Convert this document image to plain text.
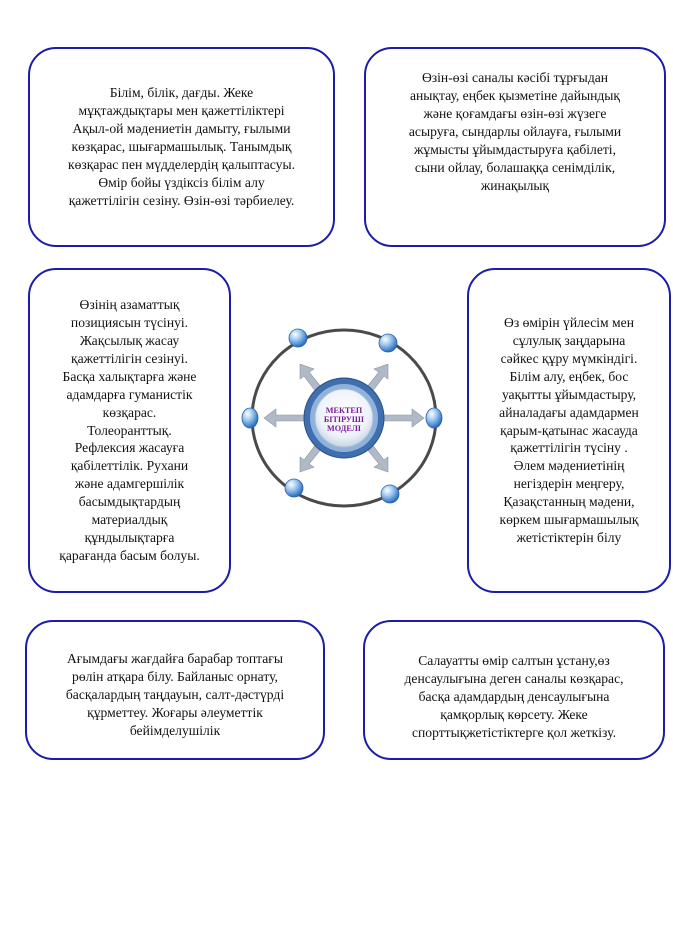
Білім, білік, дағды. Жеке
мұқтаждықтары мен қажеттіліктері
Ақыл-ой мәдениетін дамыту, ғылыми
көзқарас, шығармашылық. Танымдық
көзқарас пен мүдделердің қалыптасуы.
Өмір бойы үздіксіз білім алу
қажеттілігін сезіну. Өзін-өзі тәрбиелеу.
Өзін-өзі саналы кәсібі тұрғыдан
анықтау, еңбек қызметіне дайындық
және қоғамдағы өзін-өзі жүзеге
асыруға, сындарлы ойлауға, ғылыми
жұмысты ұйымдастыруға қабілеті,
сыни ойлау, болашаққа сенімділік,
жинақылық
Өзінің азаматтық
позициясын түсінуі.
Жақсылық жасау
қажеттілігін сезінуі.
Басқа халықтарға және
адамдарға гуманистік
көзқарас.
Толеоранттық.
Рефлексия жасауға
қабілеттілік. Рухани
және адамгершілік
басымдықтардың
материалдық
құндылықтарға
қарағанда басым болуы.
Өз өмірін үйлесім мен
сұлулық заңдарына
сәйкес құру мүмкіндігі.
Білім алу, еңбек, бос
уақытты ұйымдастыру,
айналадағы адамдармен
қарым-қатынас жасауда
қажеттілігін түсіну .
Әлем мәдениетінің
негіздерін меңгеру,
Қазақстанның мәдени,
көркем шығармашылық
жетістіктерін білу
Ағымдағы жағдайға барабар топтағы
рөлін атқара білу. Байланыс орнату,
басқалардың таңдауын, салт-дәстүрді
құрметтеу. Жоғары әлеуметтік
бейімделушілік
Салауатты өмір салтын ұстану,өз
денсаулығына деген саналы көзқарас,
басқа адамдардың денсаулығына
қамқорлық көрсету. Жеке
спорттықжетістіктерге қол жеткізу.
МЕКТЕП
БІТІРУШІ
МОДЕЛІ
